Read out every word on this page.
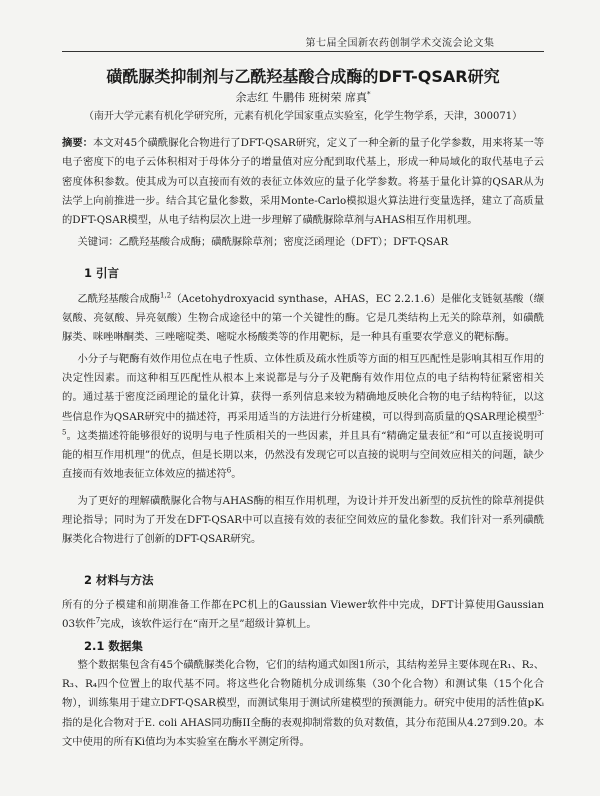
第七届全国新农药创制学术交流会论文集
磺酰脲类抑制剂与乙酰羟基酸合成酶的DFT-QSAR研究
余志红 牛鹏伟 班树荣 席真*
（南开大学元素有机化学研究所，元素有机化学国家重点实验室，化学生物学系，天津，300071）
摘要：本文对45个磺酰脲化合物进行了DFT-QSAR研究，定义了一种全新的量子化学参数，用来将某一等电子密度下的电子云体积相对于母体分子的增量值对应分配到取代基上，形成一种局域化的取代基电子云密度体积参数。使其成为可以直接而有效的表征立体效应的量子化学参数。将基于量化计算的QSAR从为法学上向前推进一步。结合其它量化参数，采用Monte-Carlo模拟退火算法进行变量选择，建立了高质量的DFT-QSAR模型，从电子结构层次上进一步理解了磺酰脲除草剂与AHAS相互作用机理。
关键词：乙酰羟基酸合成酶；磺酰脲除草剂；密度泛函理论（DFT）；DFT-QSAR
1 引言
乙酰羟基酸合成酶$^{1,2}$（Acetohydroxyacid synthase，AHAS，EC 2.2.1.6）是催化支链氨基酸（缬氨酸、亮氨酸、异亮氨酸）生物合成途径中的第一个关键性的酶。它是几类结构上无关的除草剂，如磺酰脲类、咪唑啉酮类、三唑嘧啶类、嘧啶水杨酸类等的作用靶标，是一种具有重要农学意义的靶标酶。
小分子与靶酶有效作用位点在电子性质、立体性质及疏水性质等方面的相互匹配性是影响其相互作用的决定性因素。而这种相互匹配性从根本上来说都是与分子及靶酶有效作用位点的电子结构特征紧密相关的。通过基于密度泛函理论的量化计算，获得一系列信息来较为精确地反映化合物的电子结构特征，以这些信息作为QSAR研究中的描述符，再采用适当的方法进行分析建模，可以得到高质量的QSAR理论模型$^{3-5}$。这类描述符能够很好的说明与电子性质相关的一些因素，并且具有“精确定量表征”和“可以直接说明可能的相互作用机理”的优点，但是长期以来，仍然没有发现它可以直接的说明与空间效应相关的问题，缺少直接而有效地表征立体效应的描述符$^6$。
为了更好的理解磺酰脲化合物与AHAS酶的相互作用机理，为设计并开发出新型的反抗性的除草剂提供理论指导；同时为了开发在DFT-QSAR中可以直接有效的表征空间效应的量化参数。我们针对一系列磺酰脲类化合物进行了创新的DFT-QSAR研究。
2 材料与方法
所有的分子模建和前期准备工作都在PC机上的Gaussian Viewer软件中完成，DFT计算使用Gaussian 03软件$^7$完成，该软件运行在“南开之星”超级计算机上。
2.1 数据集
整个数据集包含有45个磺酰脲类化合物，它们的结构通式如图1所示，其结构差异主要体现在R₁、R₂、R₃、R₄四个位置上的取代基不同。将这些化合物随机分成训练集（30个化合物）和测试集（15个化合物），训练集用于建立DFT-QSAR模型，而测试集用于测试所建模型的预测能力。研究中使用的活性值pKᵢ指的是化合物对于E. coli AHAS同功酶II全酶的表观抑制常数的负对数值，其分布范围从4.27到9.20。本文中使用的所有Ki值均为本实验室在酶水平测定所得。
